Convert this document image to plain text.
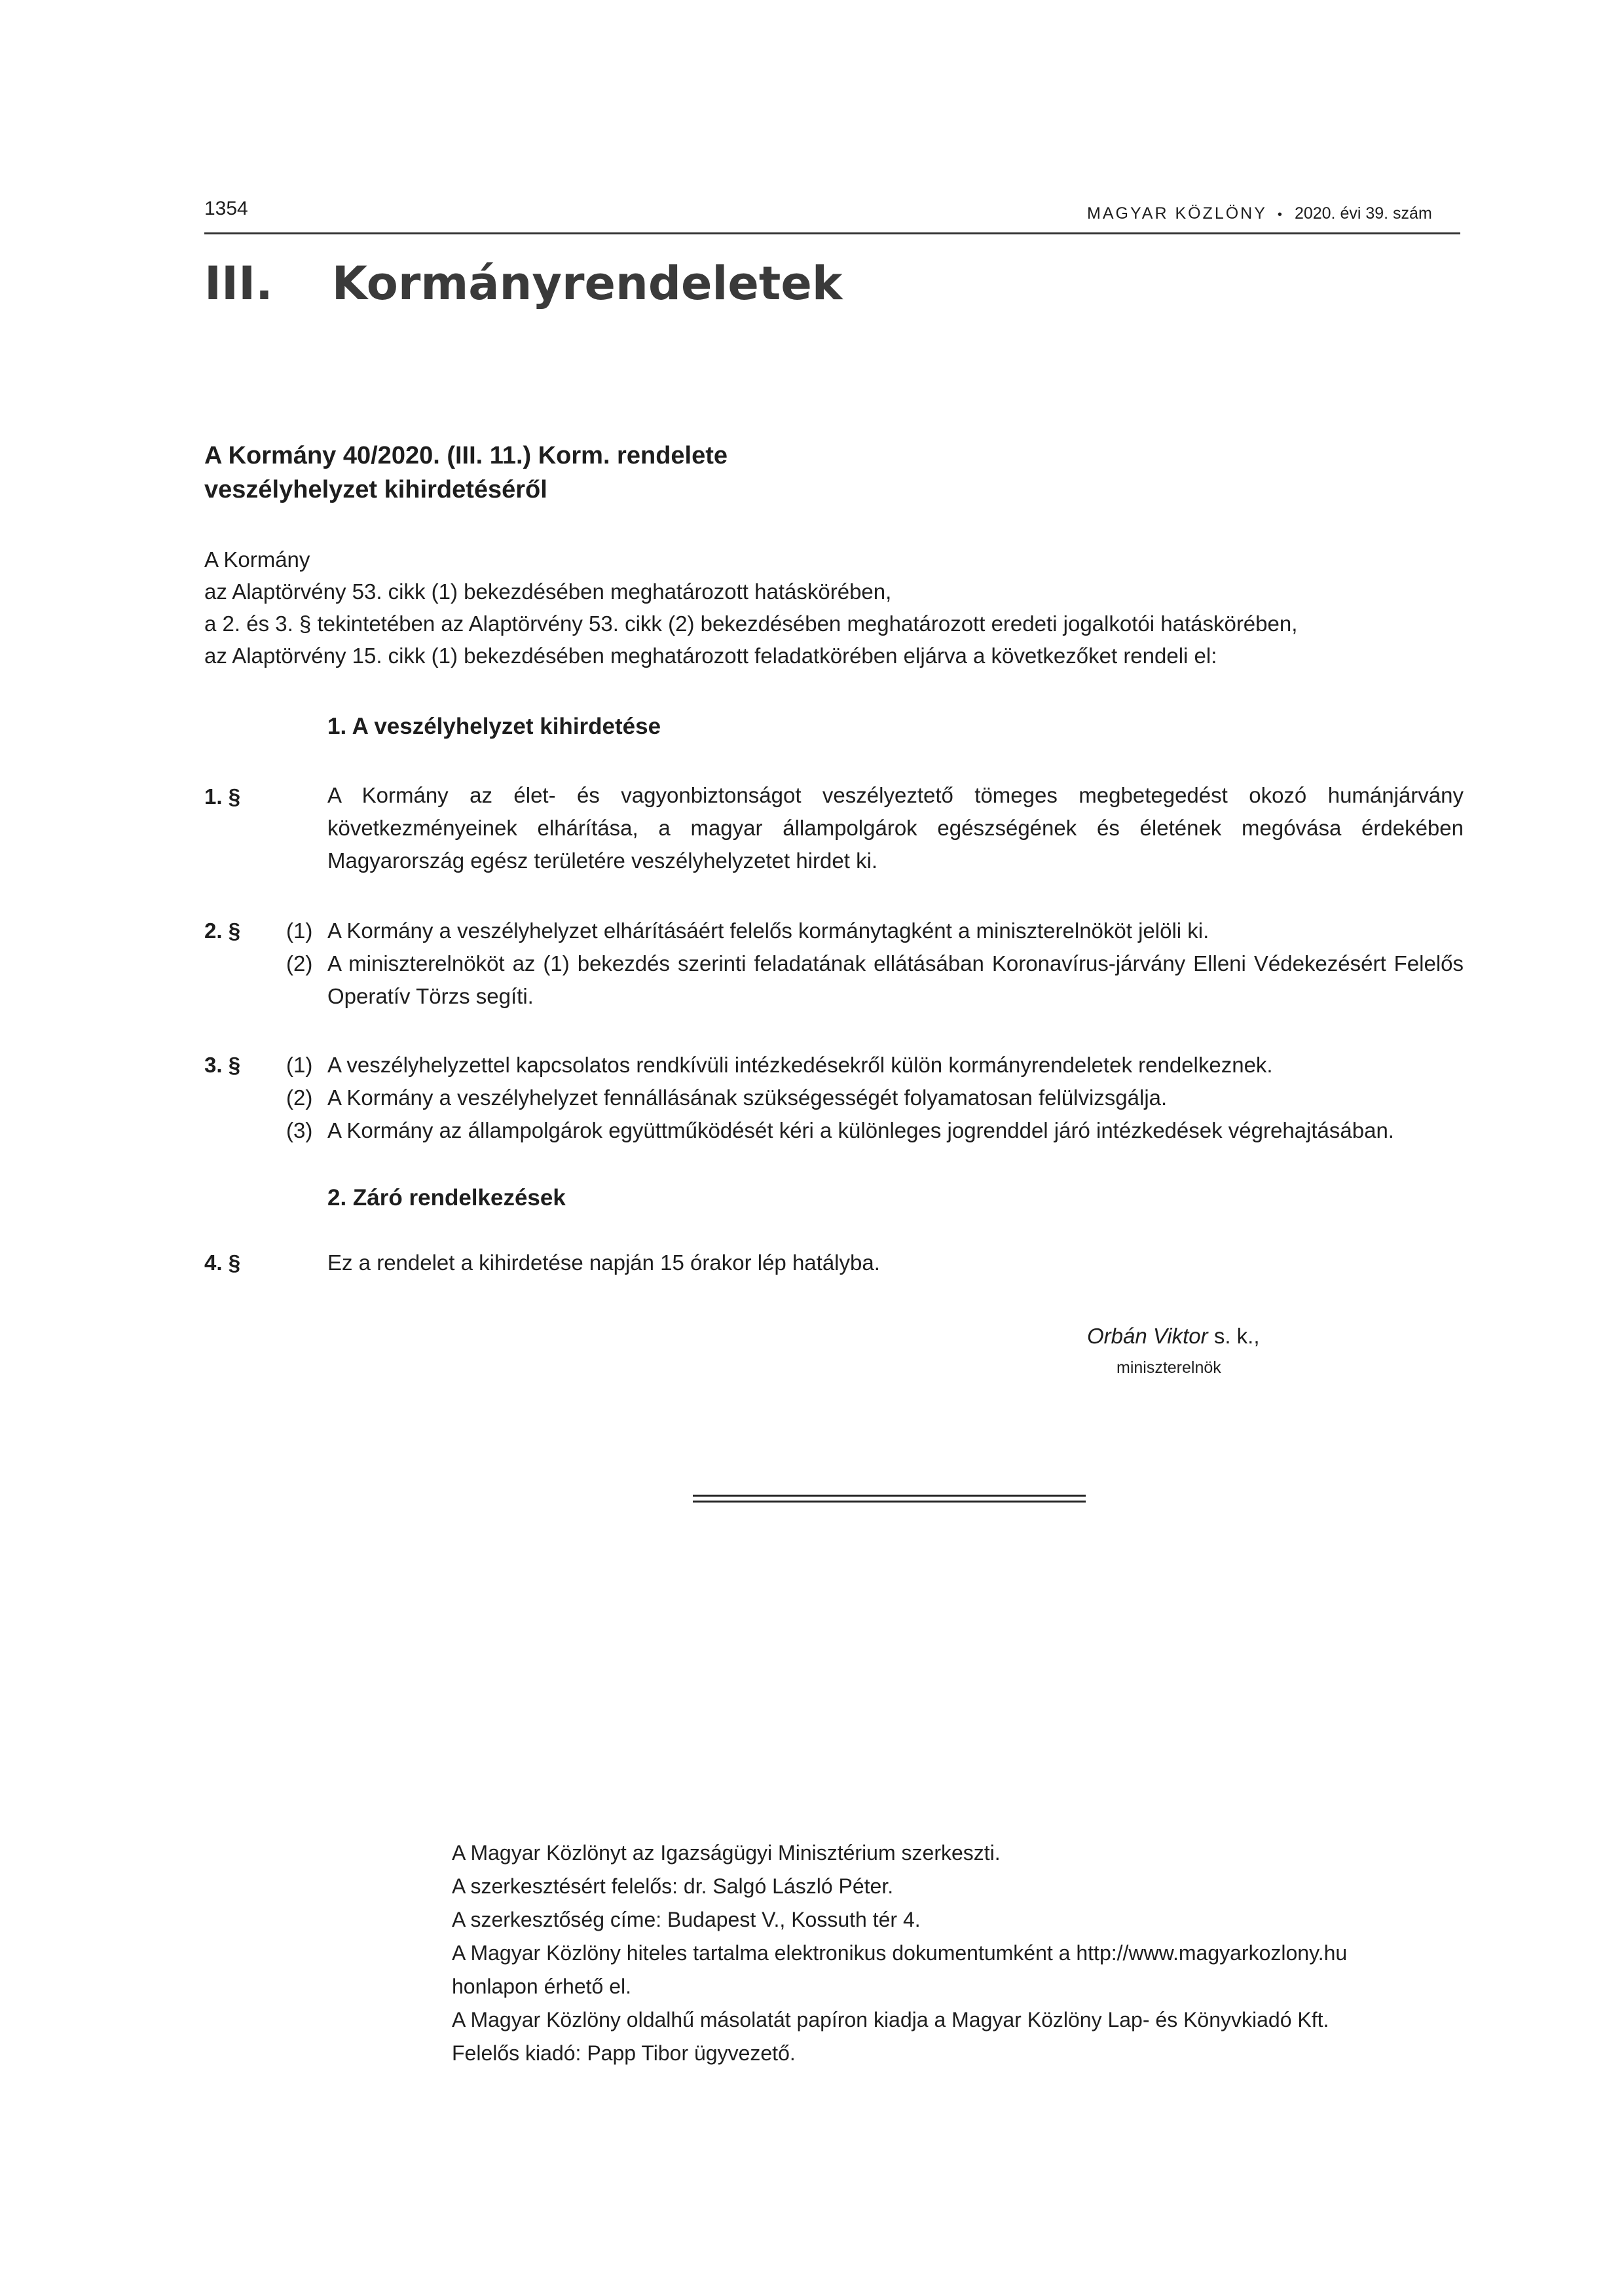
1354	MAGYAR KÖZLÖNY • 2020. évi 39. szám
III. Kormányrendeletek
A Kormány 40/2020. (III. 11.) Korm. rendelete
veszélyhelyzet kihirdetéséről
A Kormány
az Alaptörvény 53. cikk (1) bekezdésében meghatározott hatáskörében,
a 2. és 3. § tekintetében az Alaptörvény 53. cikk (2) bekezdésében meghatározott eredeti jogalkotói hatáskörében,
az Alaptörvény 15. cikk (1) bekezdésében meghatározott feladatkörében eljárva a következőket rendeli el:
1. A veszélyhelyzet kihirdetése
1. §	A Kormány az élet- és vagyonbiztonságot veszélyeztető tömeges megbetegedést okozó humánjárvány következményeinek elhárítása, a magyar állampolgárok egészségének és életének megóvása érdekében Magyarország egész területére veszélyhelyzetet hirdet ki.
2. § (1) A Kormány a veszélyhelyzet elhárításáért felelős kormánytagként a miniszterelnököt jelöli ki.
(2) A miniszterelnököt az (1) bekezdés szerinti feladatának ellátásában Koronavírus-járvány Elleni Védekezésért Felelős Operatív Törzs segíti.
3. § (1) A veszélyhelyzettel kapcsolatos rendkívüli intézkedésekről külön kormányrendeletek rendelkeznek.
(2) A Kormány a veszélyhelyzet fennállásának szükségességét folyamatosan felülvizsgálja.
(3) A Kormány az állampolgárok együttműködését kéri a különleges jogrenddel járó intézkedések végrehajtásában.
2. Záró rendelkezések
4. §	Ez a rendelet a kihirdetése napján 15 órakor lép hatályba.
Orbán Viktor s. k.,
miniszterelnök
A Magyar Közlönyt az Igazságügyi Minisztérium szerkeszti.
A szerkesztésért felelős: dr. Salgó László Péter.
A szerkesztőség címe: Budapest V., Kossuth tér 4.
A Magyar Közlöny hiteles tartalma elektronikus dokumentumként a http://www.magyarkozlony.hu
honlapon érhető el.
A Magyar Közlöny oldalhű másolatát papíron kiadja a Magyar Közlöny Lap- és Könyvkiadó Kft.
Felelős kiadó: Papp Tibor ügyvezető.
